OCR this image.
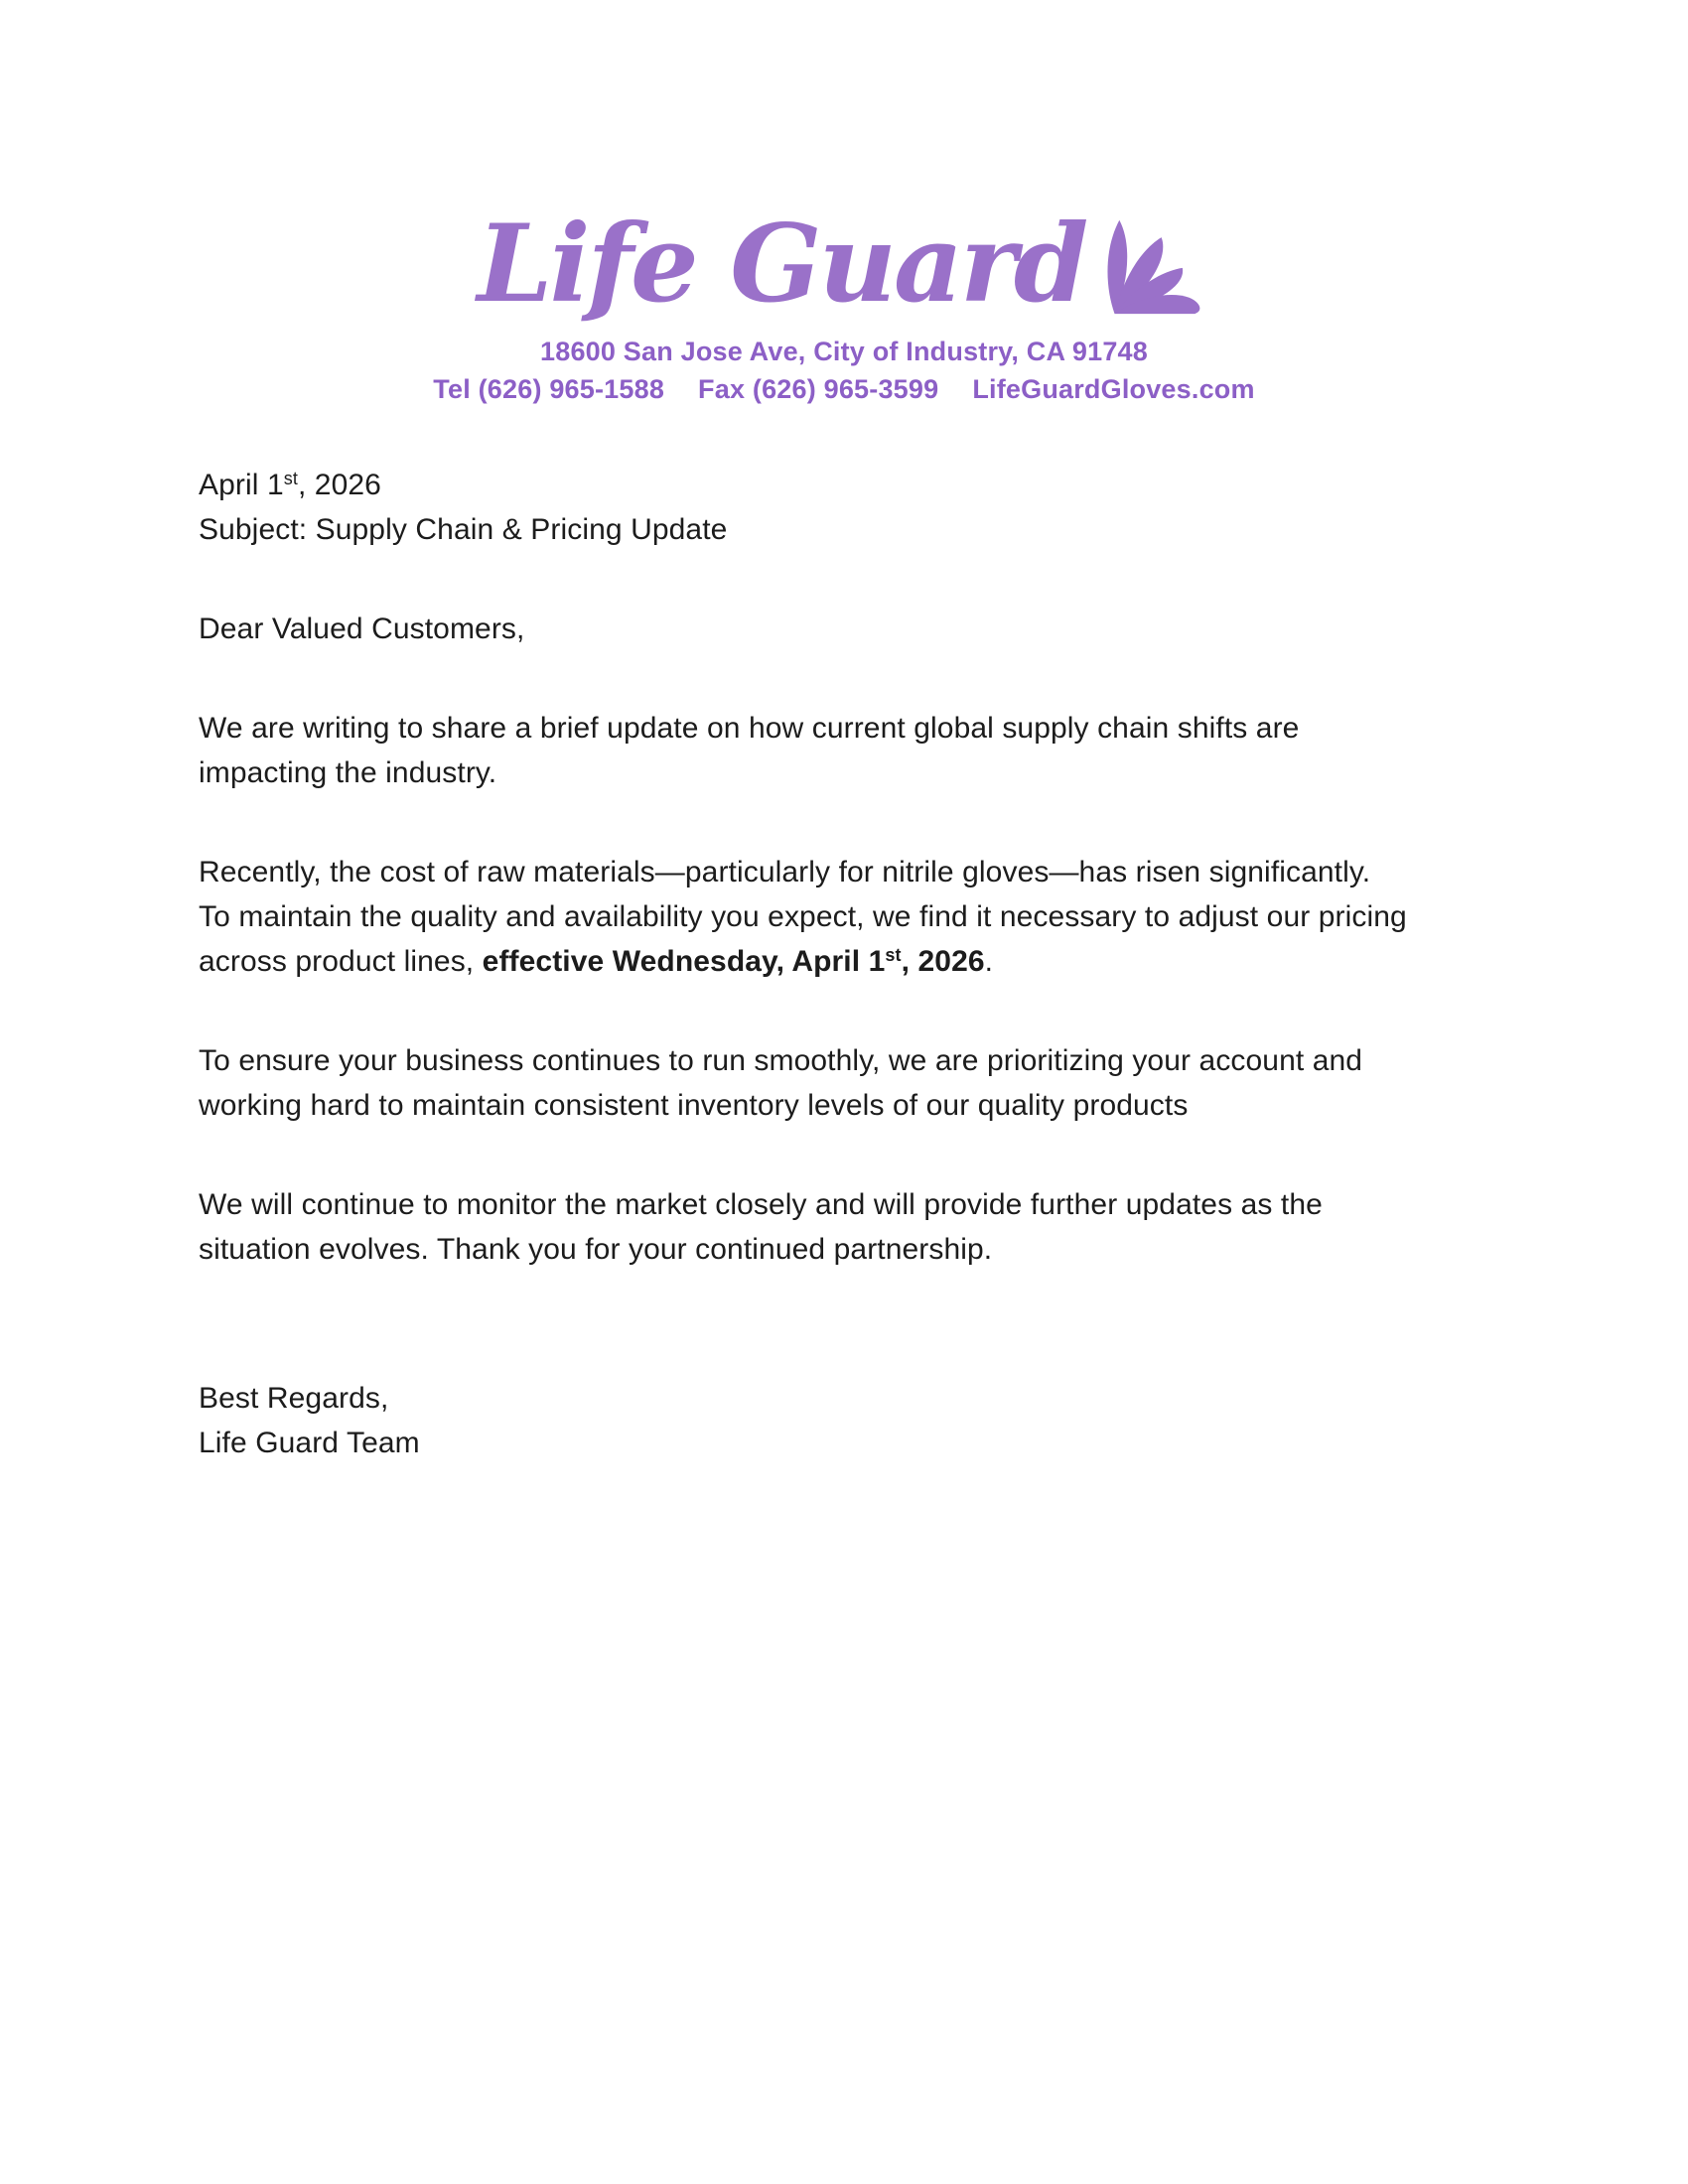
Life Guard
18600 San Jose Ave, City of Industry, CA 91748
Tel (626) 965-1588 Fax (626) 965-3599 LifeGuardGloves.com
April 1st, 2026
Subject: Supply Chain & Pricing Update
Dear Valued Customers,
We are writing to share a brief update on how current global supply chain shifts are
impacting the industry.
Recently, the cost of raw materials—particularly for nitrile gloves—has risen significantly.
To maintain the quality and availability you expect, we find it necessary to adjust our pricing
across product lines, effective Wednesday, April 1st, 2026.
To ensure your business continues to run smoothly, we are prioritizing your account and
working hard to maintain consistent inventory levels of our quality products
We will continue to monitor the market closely and will provide further updates as the
situation evolves. Thank you for your continued partnership.
Best Regards,
Life Guard Team
